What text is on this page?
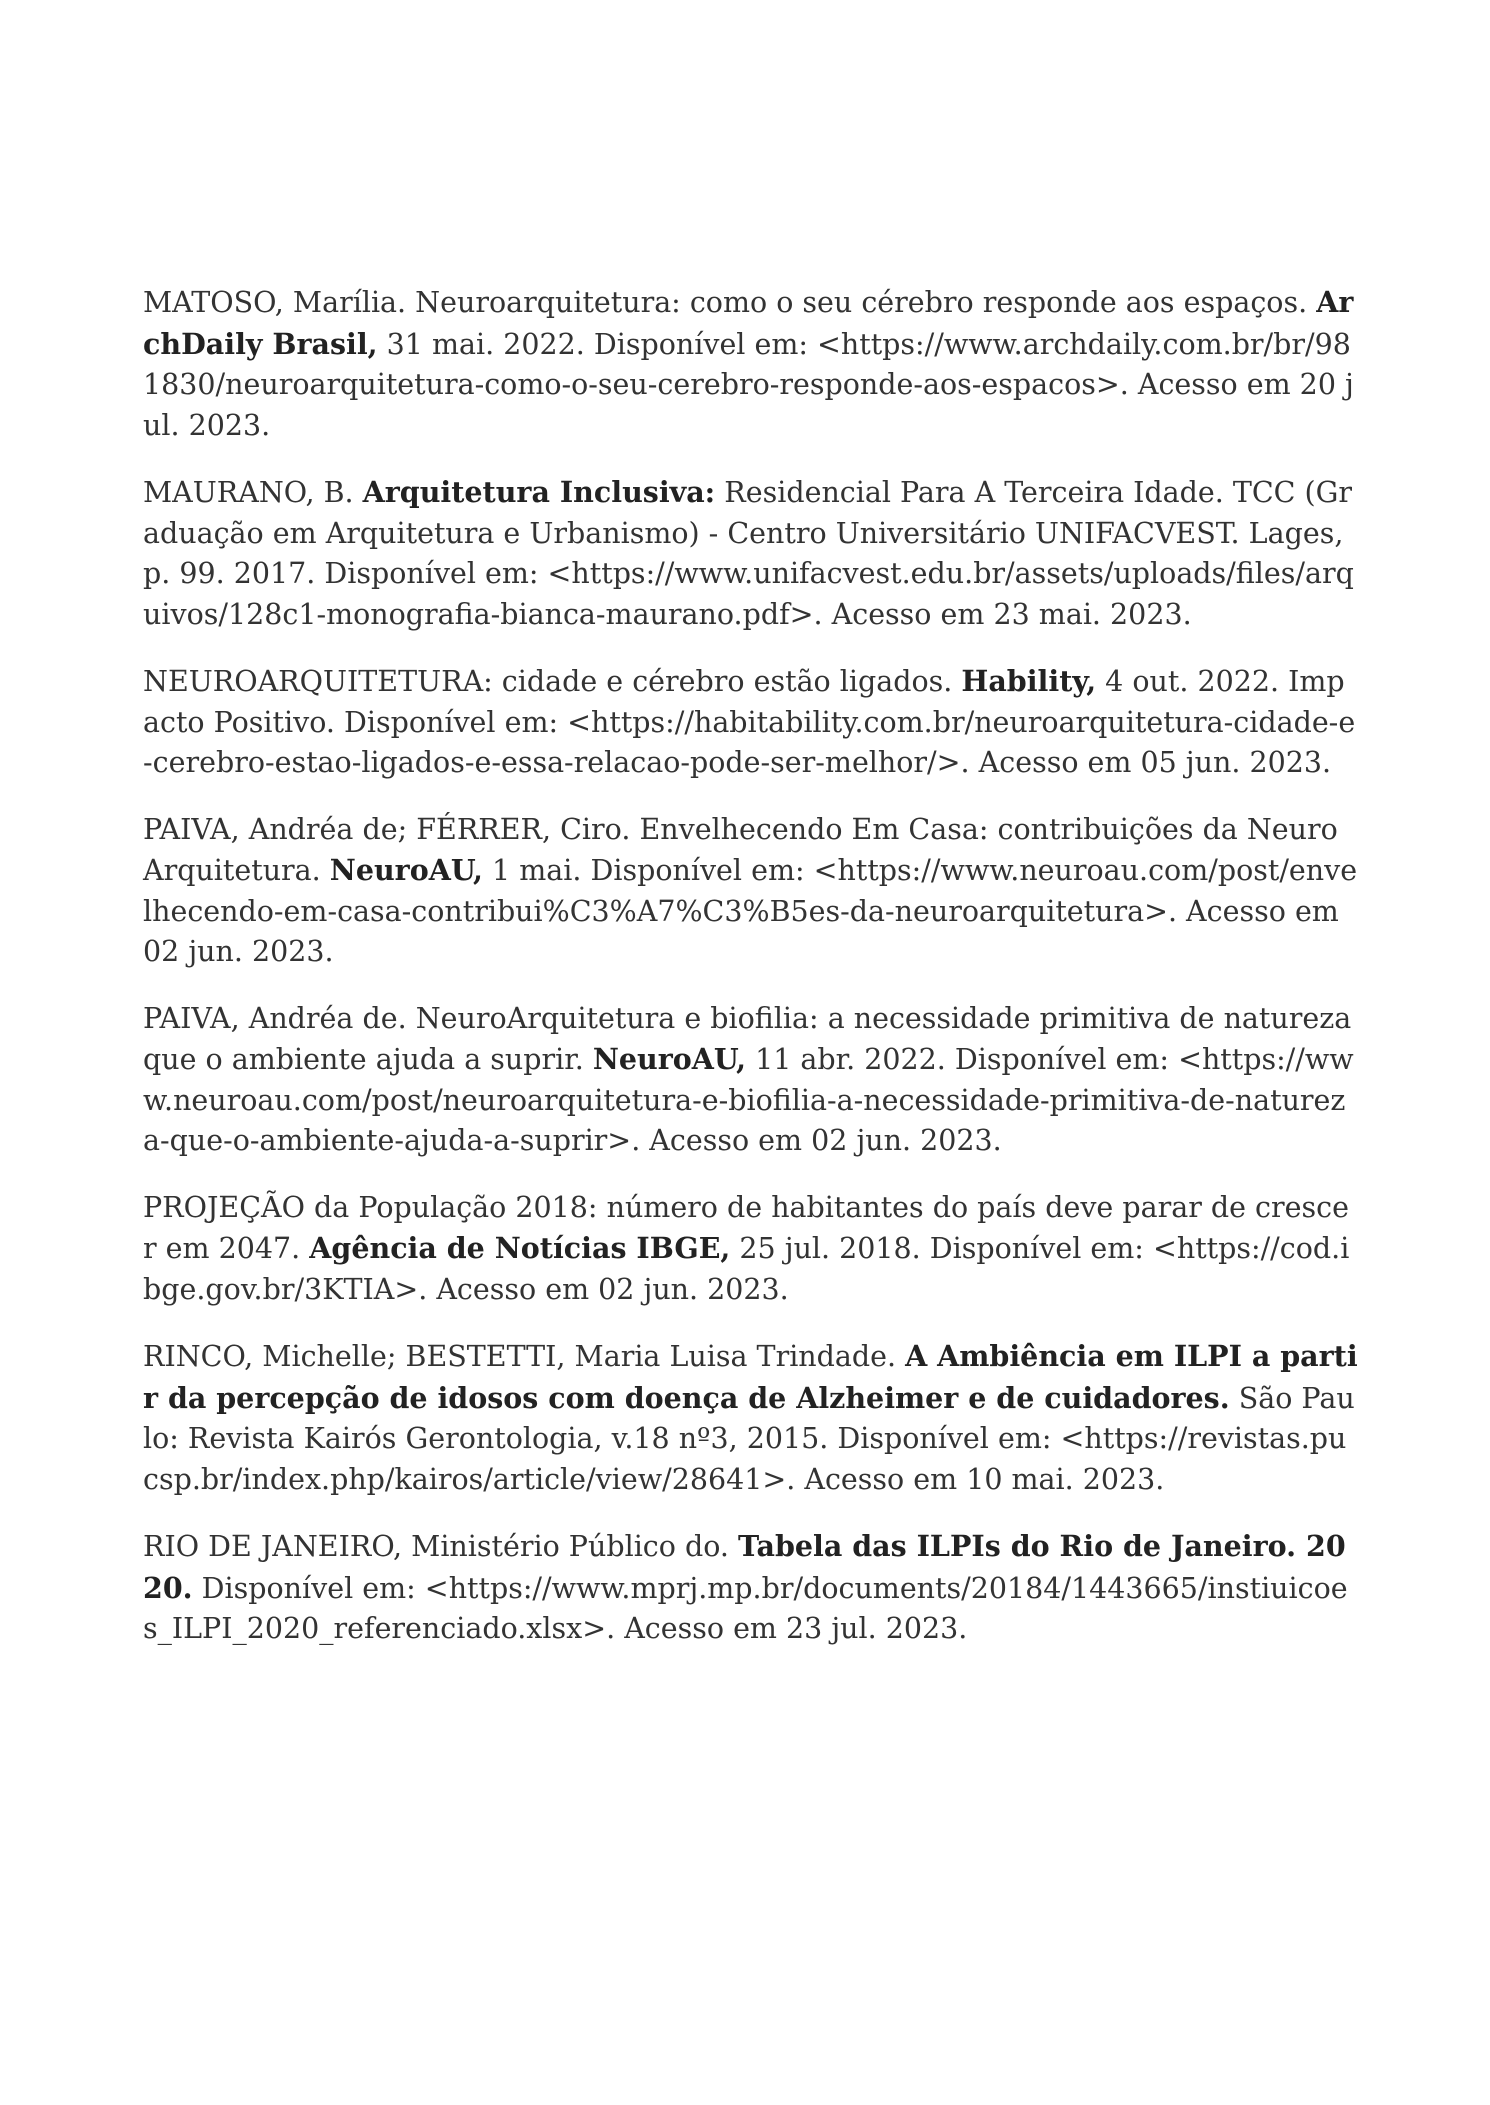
MATOSO, Marília. Neuroarquitetura: como o seu cérebro responde aos espaços. ArchDaily Brasil, 31 mai. 2022. Disponível em: <https://www.archdaily.com.br/br/981830/neuroarquitetura-como-o-seu-cerebro-responde-aos-espacos>. Acesso em 20 jul. 2023.

MAURANO, B. Arquitetura Inclusiva: Residencial Para A Terceira Idade. TCC (Graduação em Arquitetura e Urbanismo) - Centro Universitário UNIFACVEST. Lages, p. 99. 2017. Disponível em: <https://www.unifacvest.edu.br/assets/uploads/files/arquivos/128c1-monografia-bianca-maurano.pdf>. Acesso em 23 mai. 2023.

NEUROARQUITETURA: cidade e cérebro estão ligados. Hability, 4 out. 2022. Impacto Positivo. Disponível em: <https://habitability.com.br/neuroarquitetura-cidade-e-cerebro-estao-ligados-e-essa-relacao-pode-ser-melhor/>. Acesso em 05 jun. 2023.

PAIVA, Andréa de; FÉRRER, Ciro. Envelhecendo Em Casa: contribuições da NeuroArquitetura. NeuroAU, 1 mai. Disponível em: <https://www.neuroau.com/post/envelhecendo-em-casa-contribui%C3%A7%C3%B5es-da-neuroarquitetura>. Acesso em 02 jun. 2023.

PAIVA, Andréa de. NeuroArquitetura e biofilia: a necessidade primitiva de natureza que o ambiente ajuda a suprir. NeuroAU, 11 abr. 2022. Disponível em: <https://www.neuroau.com/post/neuroarquitetura-e-biofilia-a-necessidade-primitiva-de-natureza-que-o-ambiente-ajuda-a-suprir>. Acesso em 02 jun. 2023.

PROJEÇÃO da População 2018: número de habitantes do país deve parar de crescer em 2047. Agência de Notícias IBGE, 25 jul. 2018. Disponível em: <https://cod.ibge.gov.br/3KTIA>. Acesso em 02 jun. 2023.

RINCO, Michelle; BESTETTI, Maria Luisa Trindade. A Ambiência em ILPI a partir da percepção de idosos com doença de Alzheimer e de cuidadores. São Paulo: Revista Kairós Gerontologia, v.18 nº3, 2015. Disponível em: <https://revistas.pucsp.br/index.php/kairos/article/view/28641>. Acesso em 10 mai. 2023.

RIO DE JANEIRO, Ministério Público do. Tabela das ILPIs do Rio de Janeiro. 2020. Disponível em: <https://www.mprj.mp.br/documents/20184/1443665/instiuicoes_ILPI_2020_referenciado.xlsx>. Acesso em 23 jul. 2023.
